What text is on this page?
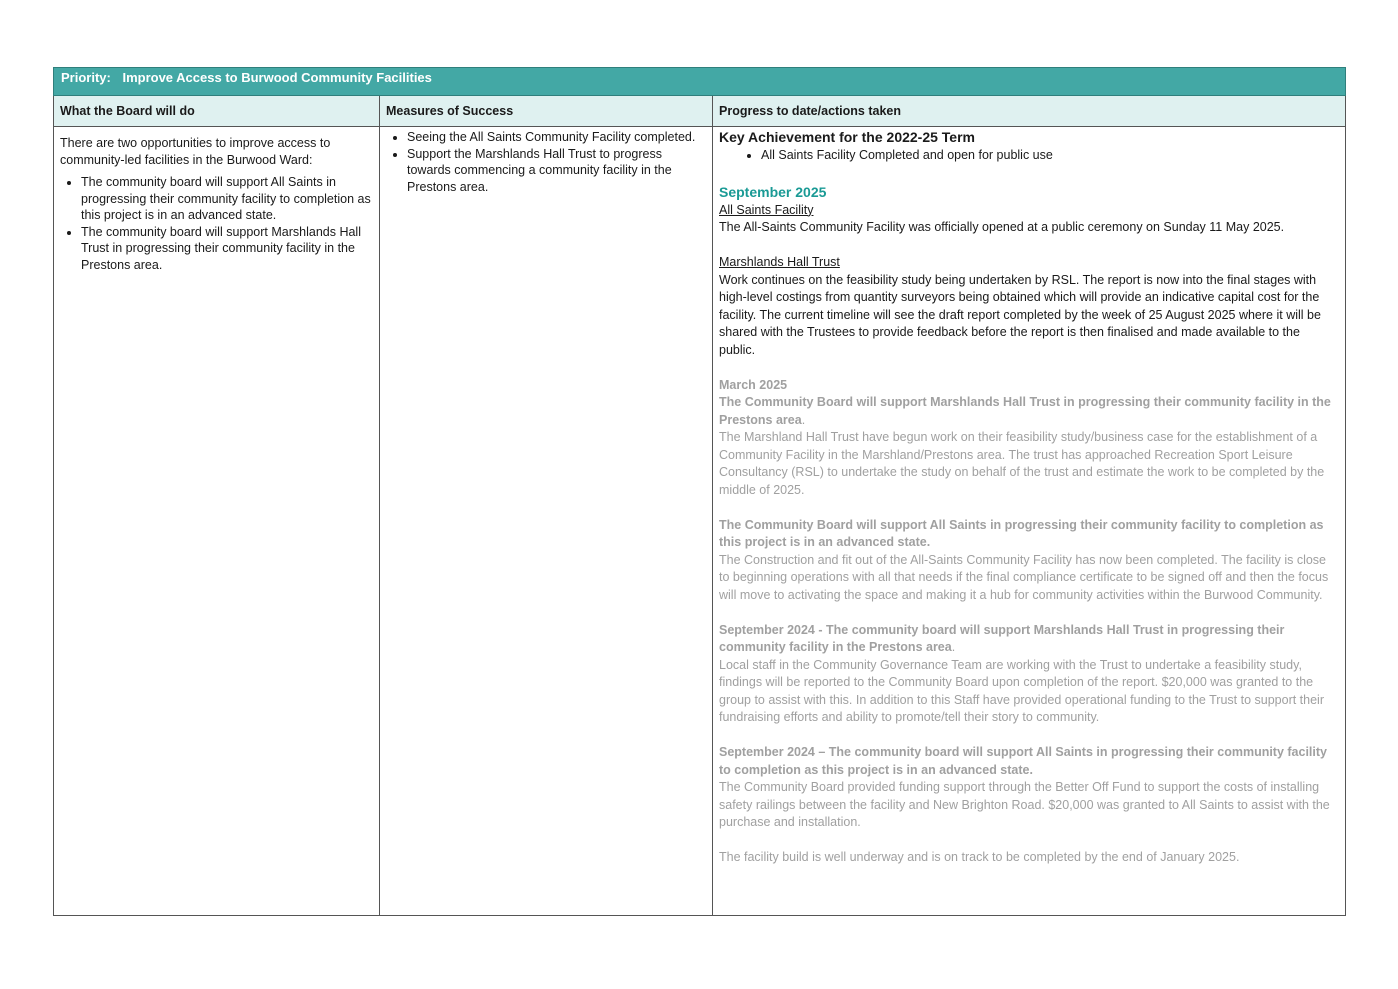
Priority: Improve Access to Burwood Community Facilities
What the Board will do	Measures of Success	Progress to date/actions taken
There are two opportunities to improve access to community-led facilities in the Burwood Ward:
• The community board will support All Saints in progressing their community facility to completion as this project is in an advanced state.
• The community board will support Marshlands Hall Trust in progressing their community facility in the Prestons area.
• Seeing the All Saints Community Facility completed.
• Support the Marshlands Hall Trust to progress towards commencing a community facility in the Prestons area.
Key Achievement for the 2022-25 Term
• All Saints Facility Completed and open for public use
September 2025
All Saints Facility
The All-Saints Community Facility was officially opened at a public ceremony on Sunday 11 May 2025.
Marshlands Hall Trust
Work continues on the feasibility study being undertaken by RSL. The report is now into the final stages with high-level costings from quantity surveyors being obtained which will provide an indicative capital cost for the facility. The current timeline will see the draft report completed by the week of 25 August 2025 where it will be shared with the Trustees to provide feedback before the report is then finalised and made available to the public.
March 2025
The Community Board will support Marshlands Hall Trust in progressing their community facility in the Prestons area.
The Marshland Hall Trust have begun work on their feasibility study/business case for the establishment of a Community Facility in the Marshland/Prestons area. The trust has approached Recreation Sport Leisure Consultancy (RSL) to undertake the study on behalf of the trust and estimate the work to be completed by the middle of 2025.
The Community Board will support All Saints in progressing their community facility to completion as this project is in an advanced state.
The Construction and fit out of the All-Saints Community Facility has now been completed. The facility is close to beginning operations with all that needs if the final compliance certificate to be signed off and then the focus will move to activating the space and making it a hub for community activities within the Burwood Community.
September 2024 - The community board will support Marshlands Hall Trust in progressing their community facility in the Prestons area.
Local staff in the Community Governance Team are working with the Trust to undertake a feasibility study, findings will be reported to the Community Board upon completion of the report. $20,000 was granted to the group to assist with this. In addition to this Staff have provided operational funding to the Trust to support their fundraising efforts and ability to promote/tell their story to community.
September 2024 – The community board will support All Saints in progressing their community facility to completion as this project is in an advanced state.
The Community Board provided funding support through the Better Off Fund to support the costs of installing safety railings between the facility and New Brighton Road. $20,000 was granted to All Saints to assist with the purchase and installation.
The facility build is well underway and is on track to be completed by the end of January 2025.
